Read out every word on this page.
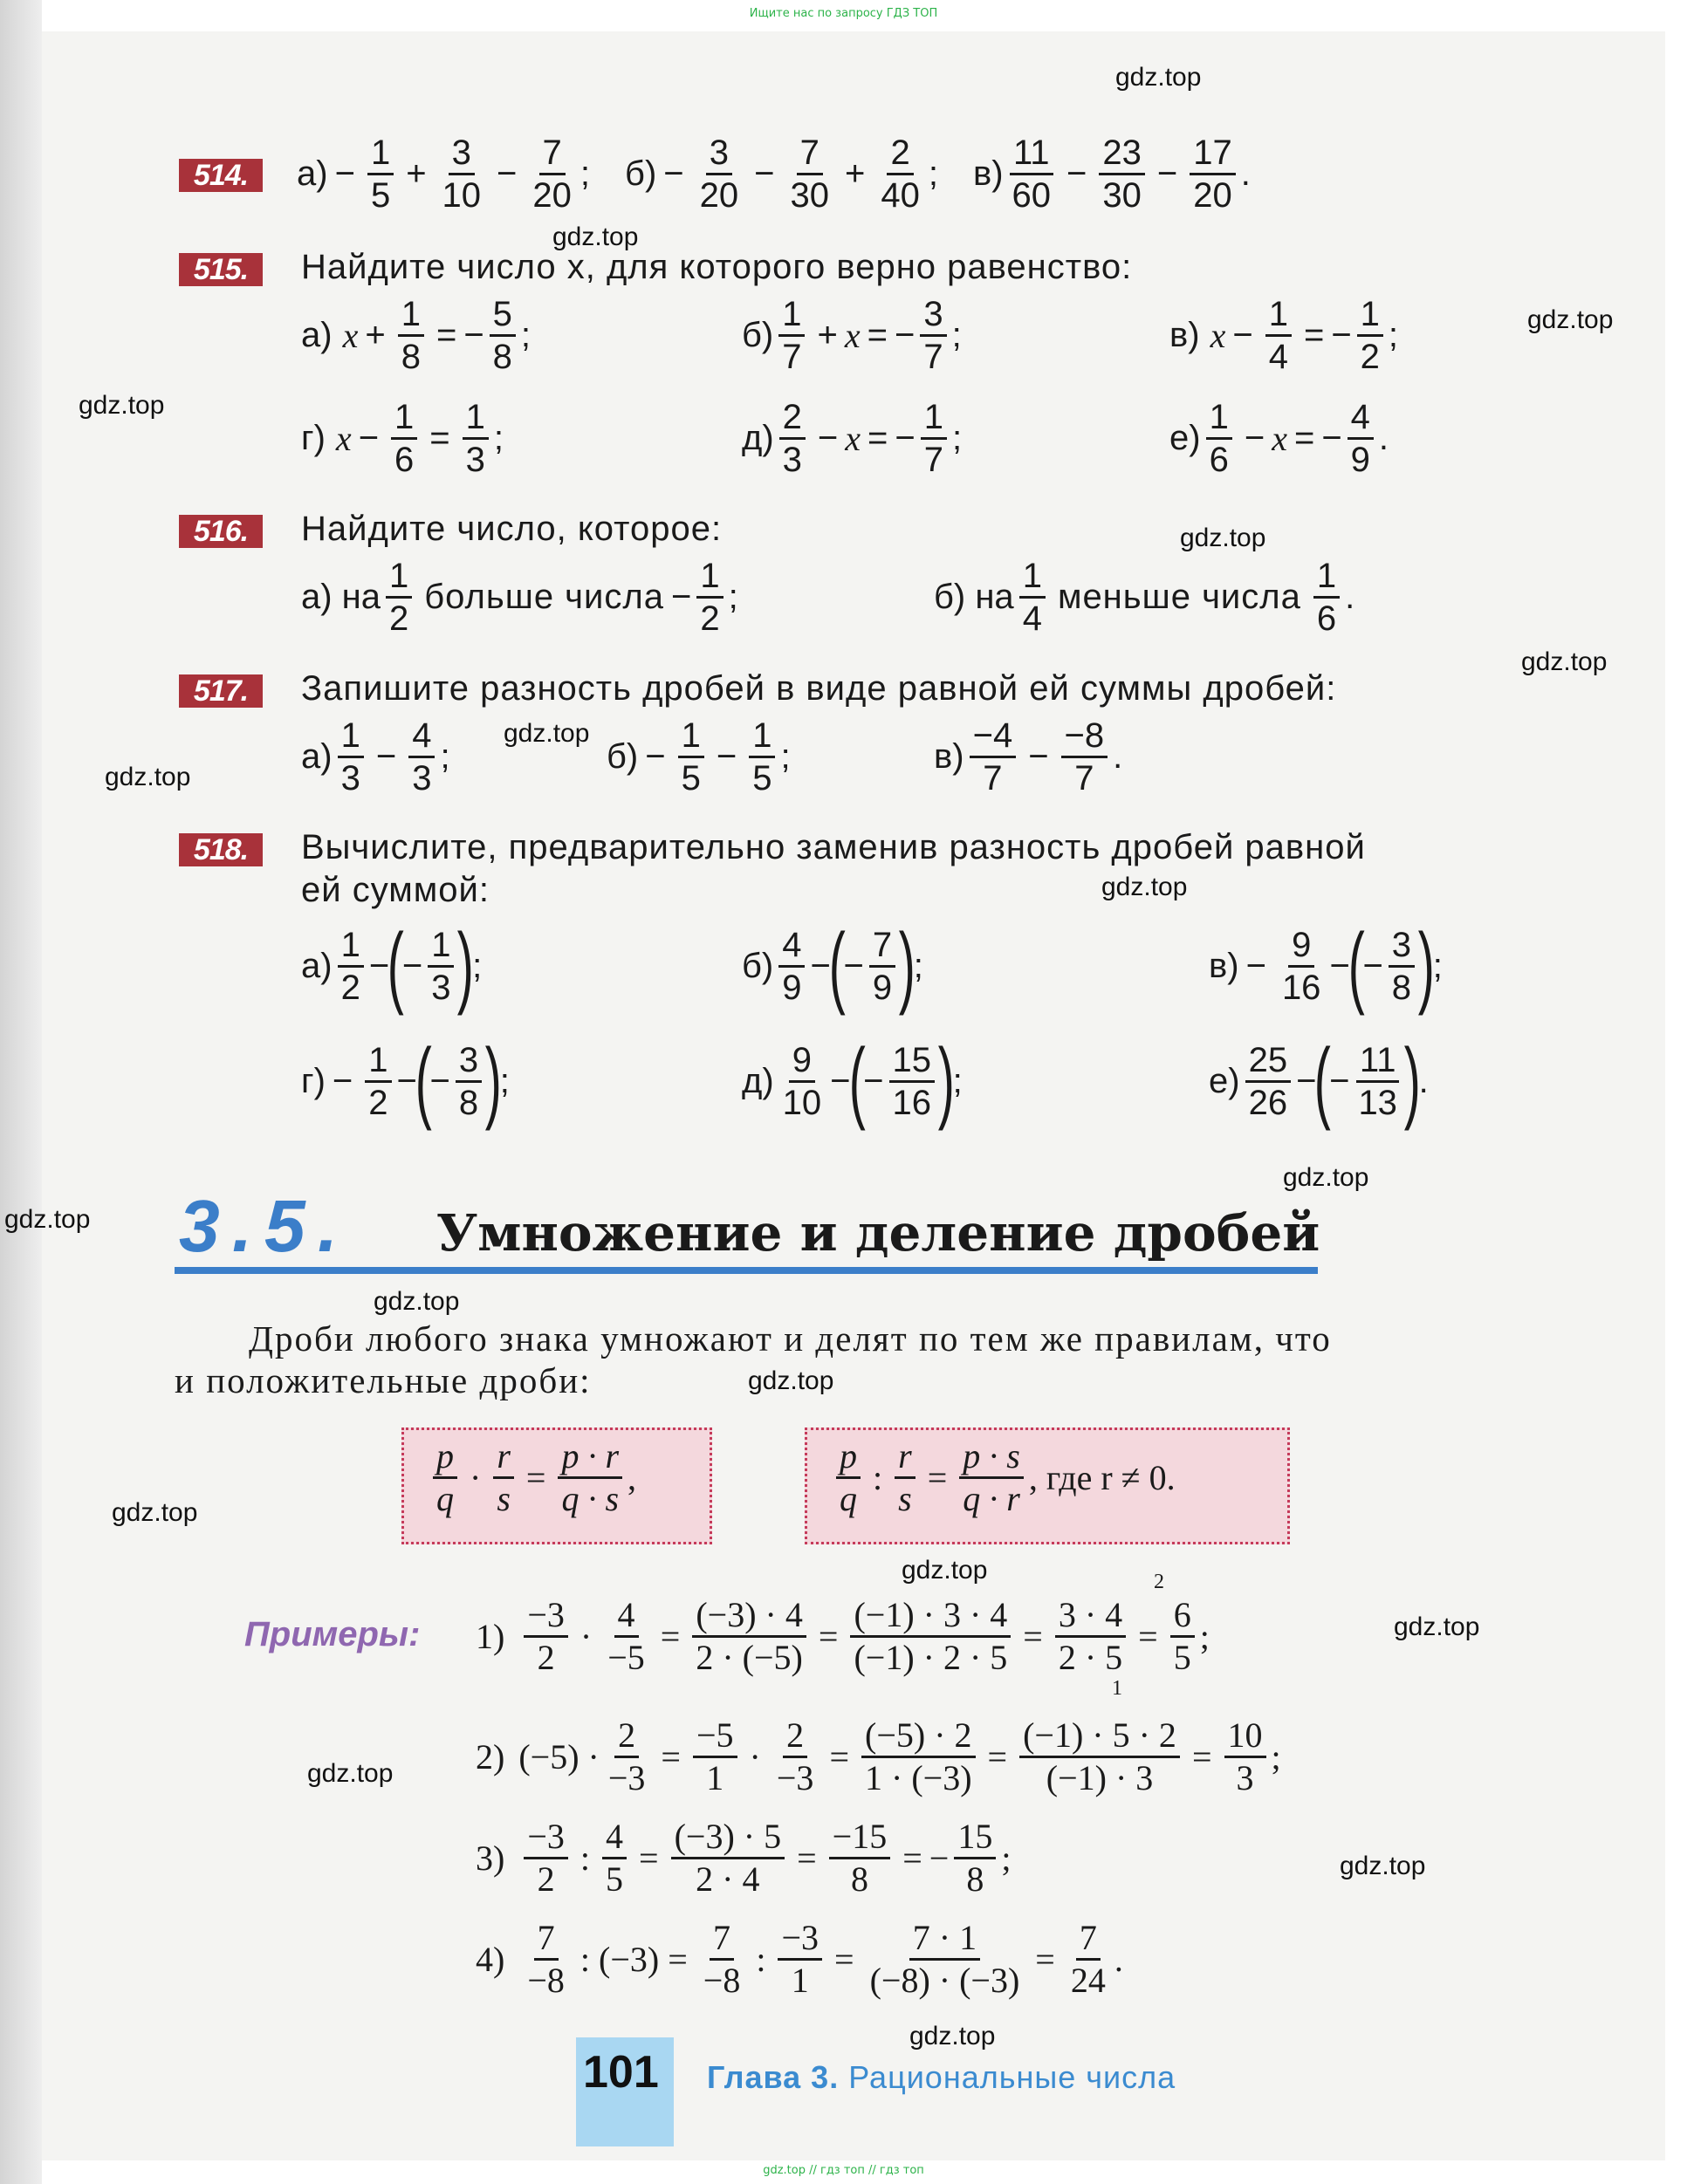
Ищите нас по запросу ГДЗ ТОП
gdz.top
gdz.top
gdz.top
gdz.top
gdz.top
gdz.top
gdz.top
gdz.top
gdz.top
gdz.top
gdz.top
gdz.top
gdz.top
gdz.top
gdz.top
gdz.top
gdz.top
gdz.top
gdz.top
514.	$а) - \frac{1}{5} + \frac{3}{10} - \frac{7}{20}$ ; $б) - \frac{3}{20} - \frac{7}{30} + \frac{2}{40}$ ; в)
11
60
− $\frac{23}{30} - \frac{17}{20}$ .
515.	Найдите число x, для которого верно равенство:
а) $x + \frac{1}{8}$ = − $\frac{5}{8}$ ;	б)
1
7
+ x = − $\frac{3}{7}$ ;	в) $x - \frac{1}{4}$ = − $\frac{1}{2}$ ;
г) $x - \frac{1}{6} = \frac{1}{3}$ ;	д)
2
3
− x = − $\frac{1}{7}$ ;	е)
1
6
− x = − $\frac{4}{9}$ .
516.	Найдите число, которое:
а) на
1
2
больше числа − $\frac{1}{2}$ ;	б) на
1
4
меньше числа
1
6
.
517.	Запишите разность дробей в виде равной ей суммы дробей:
а)
1
3
− $\frac{4}{3}$ ;	$б) - \frac{1}{5} - \frac{1}{5}$ ;	в)
−4
7
− $\frac{-8}{7}$ .
518.	Вычислите, предварительно заменив разность дробей равной
ей суммой:
а)
1
2
−
(
− $\frac{1}{3}$ )
;	б)
4
9
−
(
− $\frac{7}{9}$ )
;	$в) - \frac{9}{16}$ −
(
− $\frac{3}{8}$ )
;
$г) - \frac{1}{2}$ −
(
− $\frac{3}{8}$ )
;	д)
9
10
−
(
− $\frac{15}{16}$ )
;	е)
25
26
−
(
− $\frac{11}{13}$ )
.
3.5. Умножение и деление дробей
Дроби любого знака умножают и делят по тем же правилам, что
и положительные дроби:
p
q
· $\frac{r}{s} = \frac{p \cdot r}{q \cdot s}$ ,
p
q
: $\frac{r}{s} = \frac{p \cdot s}{q \cdot r}$ , где r ≠ 0.
Примеры: 1)
−3
2
· $\frac{4}{-5} = \frac{(-3) \cdot 4}{2 \cdot (-5)} = \frac{(-1) \cdot 3 \cdot 4}{(-1) \cdot 2 \cdot 5} = \frac{3 \cdot 4}{2 \cdot 5} = \frac{6}{5}$ ;
2
1
2) $(-5) \cdot \frac{2}{-3} = \frac{-5}{1} \cdot \frac{2}{-3} = \frac{(-5) \cdot 2}{1 \cdot (-3)} = \frac{(-1) \cdot 5 \cdot 2}{(-1) \cdot 3} = \frac{10}{3}$ ;
3)
−3
2
: $\frac{4}{5} = \frac{(-3) \cdot 5}{2 \cdot 4} = \frac{-15}{8}$ = − $\frac{15}{8}$ ;
4)
7
−8
: $(-3) = \frac{7}{-8}$ : $\frac{-3}{1} = \frac{7 \cdot 1}{(-8) \cdot (-3)} = \frac{7}{24}$ .
101 Глава 3. Рациональные числа
gdz.top // гдз топ // гдз топ
